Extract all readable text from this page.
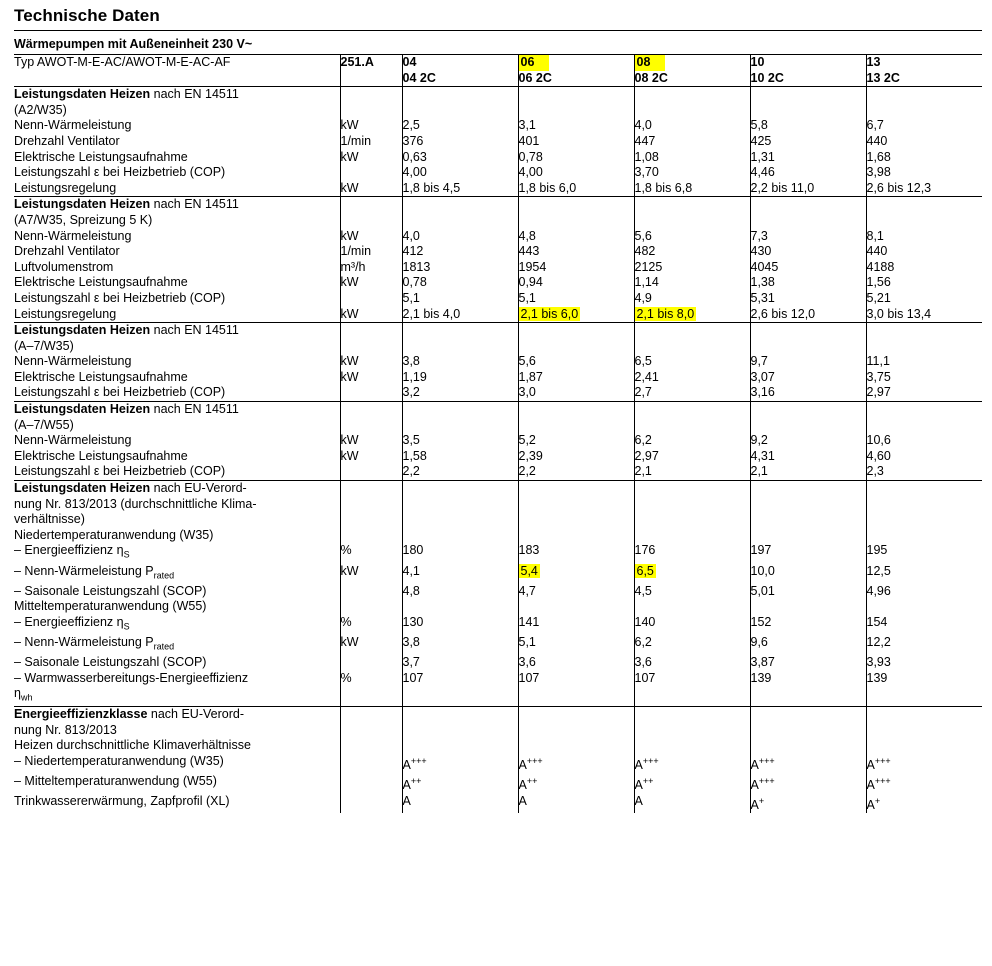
Technische Daten
Wärmepumpen mit Außeneinheit 230 V~
Typ AWOT-M-E-AC/AWOT-M-E-AC-AF	251.A	04	06	08	10	13
		04 2C	06 2C	08 2C	10 2C	13 2C
Leistungsdaten Heizen nach EN 14511
(A2/W35)						
Nenn-Wärmeleistung	kW	2,5	3,1	4,0	5,8	6,7
Drehzahl Ventilator	1/min	376	401	447	425	440
Elektrische Leistungsaufnahme	kW	0,63	0,78	1,08	1,31	1,68
Leistungszahl ε bei Heizbetrieb (COP)		4,00	4,00	3,70	4,46	3,98
Leistungsregelung	kW	1,8 bis 4,5	1,8 bis 6,0	1,8 bis 6,8	2,2 bis 11,0	2,6 bis 12,3
Leistungsdaten Heizen nach EN 14511
(A7/W35, Spreizung 5 K)						
Nenn-Wärmeleistung	kW	4,0	4,8	5,6	7,3	8,1
Drehzahl Ventilator	1/min	412	443	482	430	440
Luftvolumenstrom	m³/h	1813	1954	2125	4045	4188
Elektrische Leistungsaufnahme	kW	0,78	0,94	1,14	1,38	1,56
Leistungszahl ε bei Heizbetrieb (COP)		5,1	5,1	4,9	5,31	5,21
Leistungsregelung	kW	2,1 bis 4,0	2,1 bis 6,0	2,1 bis 8,0	2,6 bis 12,0	3,0 bis 13,4
Leistungsdaten Heizen nach EN 14511
(A–7/W35)						
Nenn-Wärmeleistung	kW	3,8	5,6	6,5	9,7	11,1
Elektrische Leistungsaufnahme	kW	1,19	1,87	2,41	3,07	3,75
Leistungszahl ε bei Heizbetrieb (COP)		3,2	3,0	2,7	3,16	2,97
Leistungsdaten Heizen nach EN 14511
(A–7/W55)						
Nenn-Wärmeleistung	kW	3,5	5,2	6,2	9,2	10,6
Elektrische Leistungsaufnahme	kW	1,58	2,39	2,97	4,31	4,60
Leistungszahl ε bei Heizbetrieb (COP)		2,2	2,2	2,1	2,1	2,3
Leistungsdaten Heizen nach EU-Verord-
nung Nr. 813/2013 (durchschnittliche Klima-
verhältnisse)
Niedertemperaturanwendung (W35)						
– Energieeffizienz $\eta_S$	%	180	183	176	197	195
– Nenn-Wärmeleistung $P_{rated}$	kW	4,1	5,4	6,5	10,0	12,5
– Saisonale Leistungszahl (SCOP)		4,8	4,7	4,5	5,01	4,96
Mitteltemperaturanwendung (W55)						
– Energieeffizienz $\eta_S$	%	130	141	140	152	154
– Nenn-Wärmeleistung $P_{rated}$	kW	3,8	5,1	6,2	9,6	12,2
– Saisonale Leistungszahl (SCOP)		3,7	3,6	3,6	3,87	3,93
– Warmwasserbereitungs-Energieeffizienz	%	107	107	107	139	139
$\eta_{wh}$						
Energieeffizienzklasse nach EU-Verord-
nung Nr. 813/2013
Heizen durchschnittliche Klimaverhältnisse						
– Niedertemperaturanwendung (W35)		A+++	A+++	A+++	A+++	A+++
– Mitteltemperaturanwendung (W55)		A++	A++	A++	A+++	A+++
Trinkwassererwärmung, Zapfprofil (XL)		A	A	A	A+	A+
